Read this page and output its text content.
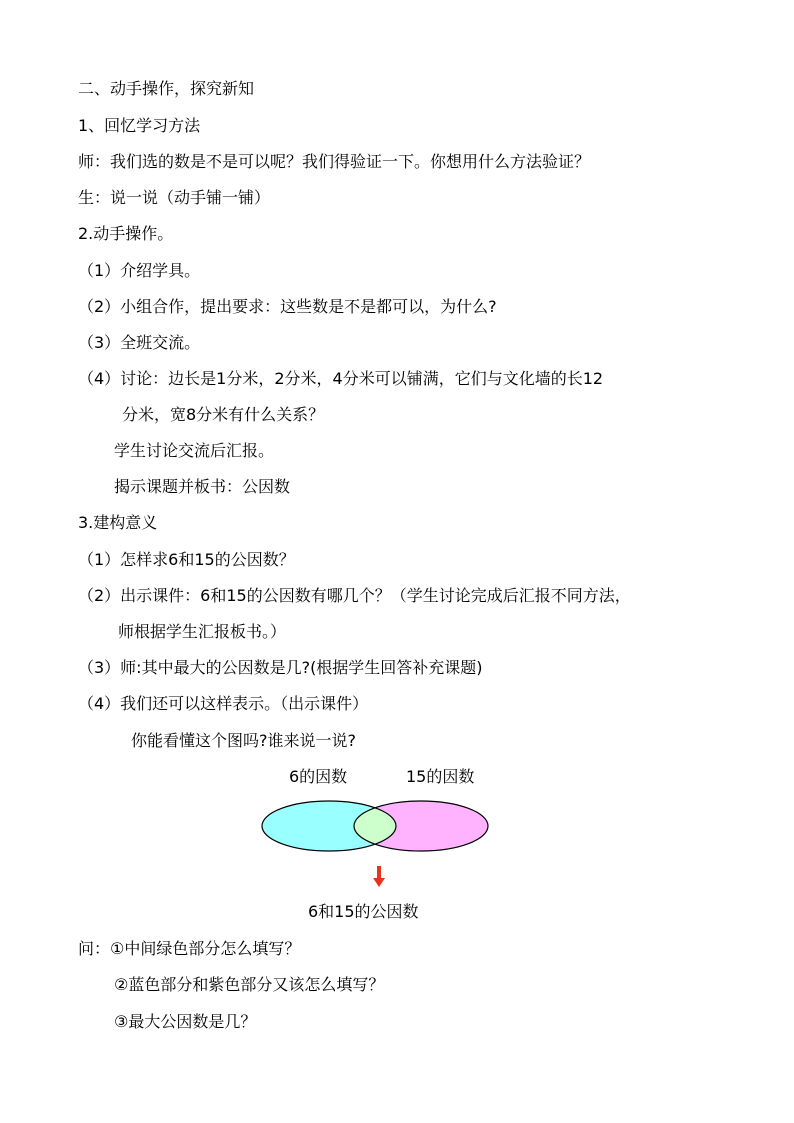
二、动手操作，探究新知
1、回忆学习方法
师：我们选的数是不是可以呢？我们得验证一下。你想用什么方法验证？
生：说一说（动手铺一铺）
2.动手操作。
（1）介绍学具。
（2）小组合作，提出要求：这些数是不是都可以，为什么?
（3）全班交流。
（4）讨论：边长是1分米，2分米，4分米可以铺满，它们与文化墙的长12
分米，宽8分米有什么关系？
学生讨论交流后汇报。
揭示课题并板书：公因数
3.建构意义
（1）怎样求6和15的公因数？
（2）出示课件：6和15的公因数有哪几个？（学生讨论完成后汇报不同方法，
师根据学生汇报板书。）
（3）师:其中最大的公因数是几?(根据学生回答补充课题)
（4）我们还可以这样表示。（出示课件）
你能看懂这个图吗?谁来说一说?
6的因数	15的因数
6和15的公因数
问：①中间绿色部分怎么填写？
②蓝色部分和紫色部分又该怎么填写？
③最大公因数是几？
